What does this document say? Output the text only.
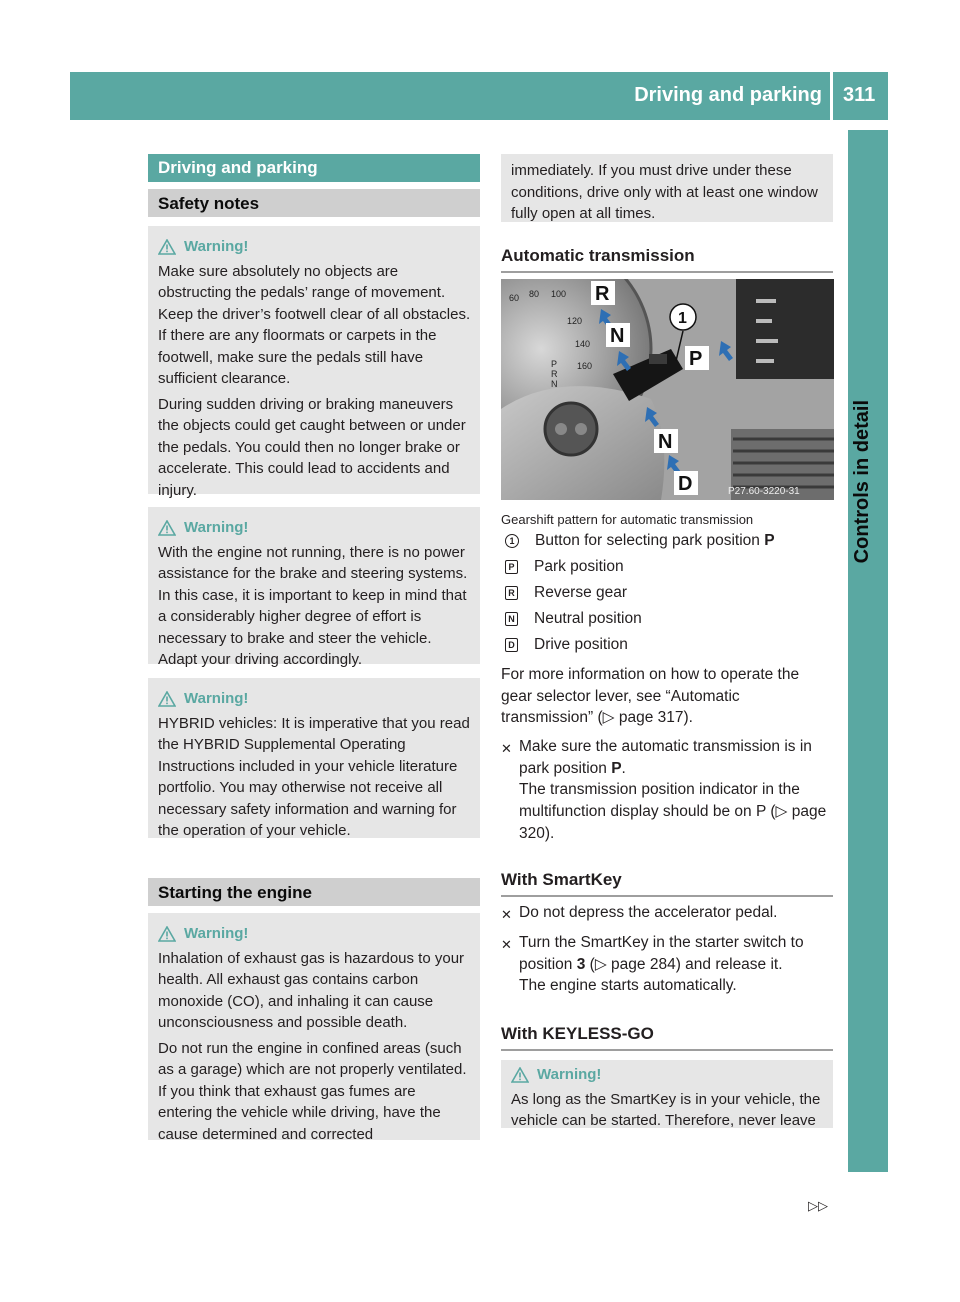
Driving and parking 311
Controls in detail
Driving and parking
Safety notes
Warning!

Make sure absolutely no objects are obstructing the pedals’ range of movement. Keep the driver’s footwell clear of all obstacles. If there are any floormats or carpets in the footwell, make sure the pedals still have sufficient clearance.

During sudden driving or braking maneuvers the objects could get caught between or under the pedals. You could then no longer brake or accelerate. This could lead to accidents and injury.

Warning!

With the engine not running, there is no power assistance for the brake and steering systems. In this case, it is important to keep in mind that a considerably higher degree of effort is necessary to brake and steer the vehicle. Adapt your driving accordingly.

Warning!

HYBRID vehicles: It is imperative that you read the HYBRID Supplemental Operating Instructions included in your vehicle literature portfolio. You may otherwise not receive all necessary safety information and warning for the operation of your vehicle.

Starting the engine
Warning!

Inhalation of exhaust gas is hazardous to your health. All exhaust gas contains carbon monoxide (CO), and inhaling it can cause unconsciousness and possible death.

Do not run the engine in confined areas (such as a garage) which are not properly ventilated. If you think that exhaust gas fumes are entering the vehicle while driving, have the cause determined and corrected

immediately. If you must drive under these conditions, drive only with at least one window fully open at all times.

Automatic transmission
60 80 100
120
140
160
P
R
N
R
N
P
N
D
1
P27.60-3220-31
Gearshift pattern for automatic transmission
1 Button for selecting park position P
P Park position
R Reverse gear
N Neutral position
D Drive position
For more information on how to operate the gear selector lever, see “Automatic transmission” (▷ page 317).
✕ Make sure the automatic transmission is in park position P.
The transmission position indicator in the multifunction display should be on P (▷ page 320).
With SmartKey
✕ Do not depress the accelerator pedal.
✕ Turn the SmartKey in the starter switch to position 3 (▷ page 284) and release it.
The engine starts automatically.
With KEYLESS-GO
Warning!

As long as the SmartKey is in your vehicle, the vehicle can be started. Therefore, never leave

▷▷
